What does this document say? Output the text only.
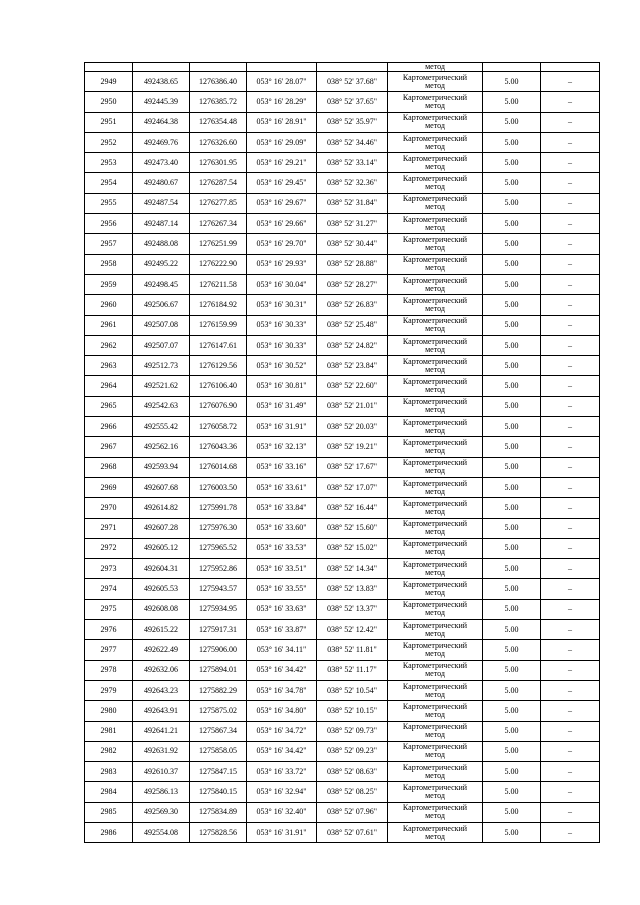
					метод		
2949	492438.65	1276386.40	053° 16' 28.07"	038° 52' 37.68"	Картометрический
метод	5.00	–
2950	492445.39	1276385.72	053° 16' 28.29"	038° 52' 37.65"	Картометрический
метод	5.00	–
2951	492464.38	1276354.48	053° 16' 28.91"	038° 52' 35.97"	Картометрический
метод	5.00	–
2952	492469.76	1276326.60	053° 16' 29.09"	038° 52' 34.46"	Картометрический
метод	5.00	–
2953	492473.40	1276301.95	053° 16' 29.21"	038° 52' 33.14"	Картометрический
метод	5.00	–
2954	492480.67	1276287.54	053° 16' 29.45"	038° 52' 32.36"	Картометрический
метод	5.00	–
2955	492487.54	1276277.85	053° 16' 29.67"	038° 52' 31.84"	Картометрический
метод	5.00	–
2956	492487.14	1276267.34	053° 16' 29.66"	038° 52' 31.27"	Картометрический
метод	5.00	–
2957	492488.08	1276251.99	053° 16' 29.70"	038° 52' 30.44"	Картометрический
метод	5.00	–
2958	492495.22	1276222.90	053° 16' 29.93"	038° 52' 28.88"	Картометрический
метод	5.00	–
2959	492498.45	1276211.58	053° 16' 30.04"	038° 52' 28.27"	Картометрический
метод	5.00	–
2960	492506.67	1276184.92	053° 16' 30.31"	038° 52' 26.83"	Картометрический
метод	5.00	–
2961	492507.08	1276159.99	053° 16' 30.33"	038° 52' 25.48"	Картометрический
метод	5.00	–
2962	492507.07	1276147.61	053° 16' 30.33"	038° 52' 24.82"	Картометрический
метод	5.00	–
2963	492512.73	1276129.56	053° 16' 30.52"	038° 52' 23.84"	Картометрический
метод	5.00	–
2964	492521.62	1276106.40	053° 16' 30.81"	038° 52' 22.60"	Картометрический
метод	5.00	–
2965	492542.63	1276076.90	053° 16' 31.49"	038° 52' 21.01"	Картометрический
метод	5.00	–
2966	492555.42	1276058.72	053° 16' 31.91"	038° 52' 20.03"	Картометрический
метод	5.00	–
2967	492562.16	1276043.36	053° 16' 32.13"	038° 52' 19.21"	Картометрический
метод	5.00	–
2968	492593.94	1276014.68	053° 16' 33.16"	038° 52' 17.67"	Картометрический
метод	5.00	–
2969	492607.68	1276003.50	053° 16' 33.61"	038° 52' 17.07"	Картометрический
метод	5.00	–
2970	492614.82	1275991.78	053° 16' 33.84"	038° 52' 16.44"	Картометрический
метод	5.00	–
2971	492607.28	1275976.30	053° 16' 33.60"	038° 52' 15.60"	Картометрический
метод	5.00	–
2972	492605.12	1275965.52	053° 16' 33.53"	038° 52' 15.02"	Картометрический
метод	5.00	–
2973	492604.31	1275952.86	053° 16' 33.51"	038° 52' 14.34"	Картометрический
метод	5.00	–
2974	492605.53	1275943.57	053° 16' 33.55"	038° 52' 13.83"	Картометрический
метод	5.00	–
2975	492608.08	1275934.95	053° 16' 33.63"	038° 52' 13.37"	Картометрический
метод	5.00	–
2976	492615.22	1275917.31	053° 16' 33.87"	038° 52' 12.42"	Картометрический
метод	5.00	–
2977	492622.49	1275906.00	053° 16' 34.11"	038° 52' 11.81"	Картометрический
метод	5.00	–
2978	492632.06	1275894.01	053° 16' 34.42"	038° 52' 11.17"	Картометрический
метод	5.00	–
2979	492643.23	1275882.29	053° 16' 34.78"	038° 52' 10.54"	Картометрический
метод	5.00	–
2980	492643.91	1275875.02	053° 16' 34.80"	038° 52' 10.15"	Картометрический
метод	5.00	–
2981	492641.21	1275867.34	053° 16' 34.72"	038° 52' 09.73"	Картометрический
метод	5.00	–
2982	492631.92	1275858.05	053° 16' 34.42"	038° 52' 09.23"	Картометрический
метод	5.00	–
2983	492610.37	1275847.15	053° 16' 33.72"	038° 52' 08.63"	Картометрический
метод	5.00	–
2984	492586.13	1275840.15	053° 16' 32.94"	038° 52' 08.25"	Картометрический
метод	5.00	–
2985	492569.30	1275834.89	053° 16' 32.40"	038° 52' 07.96"	Картометрический
метод	5.00	–
2986	492554.08	1275828.56	053° 16' 31.91"	038° 52' 07.61"	Картометрический
метод	5.00	–
